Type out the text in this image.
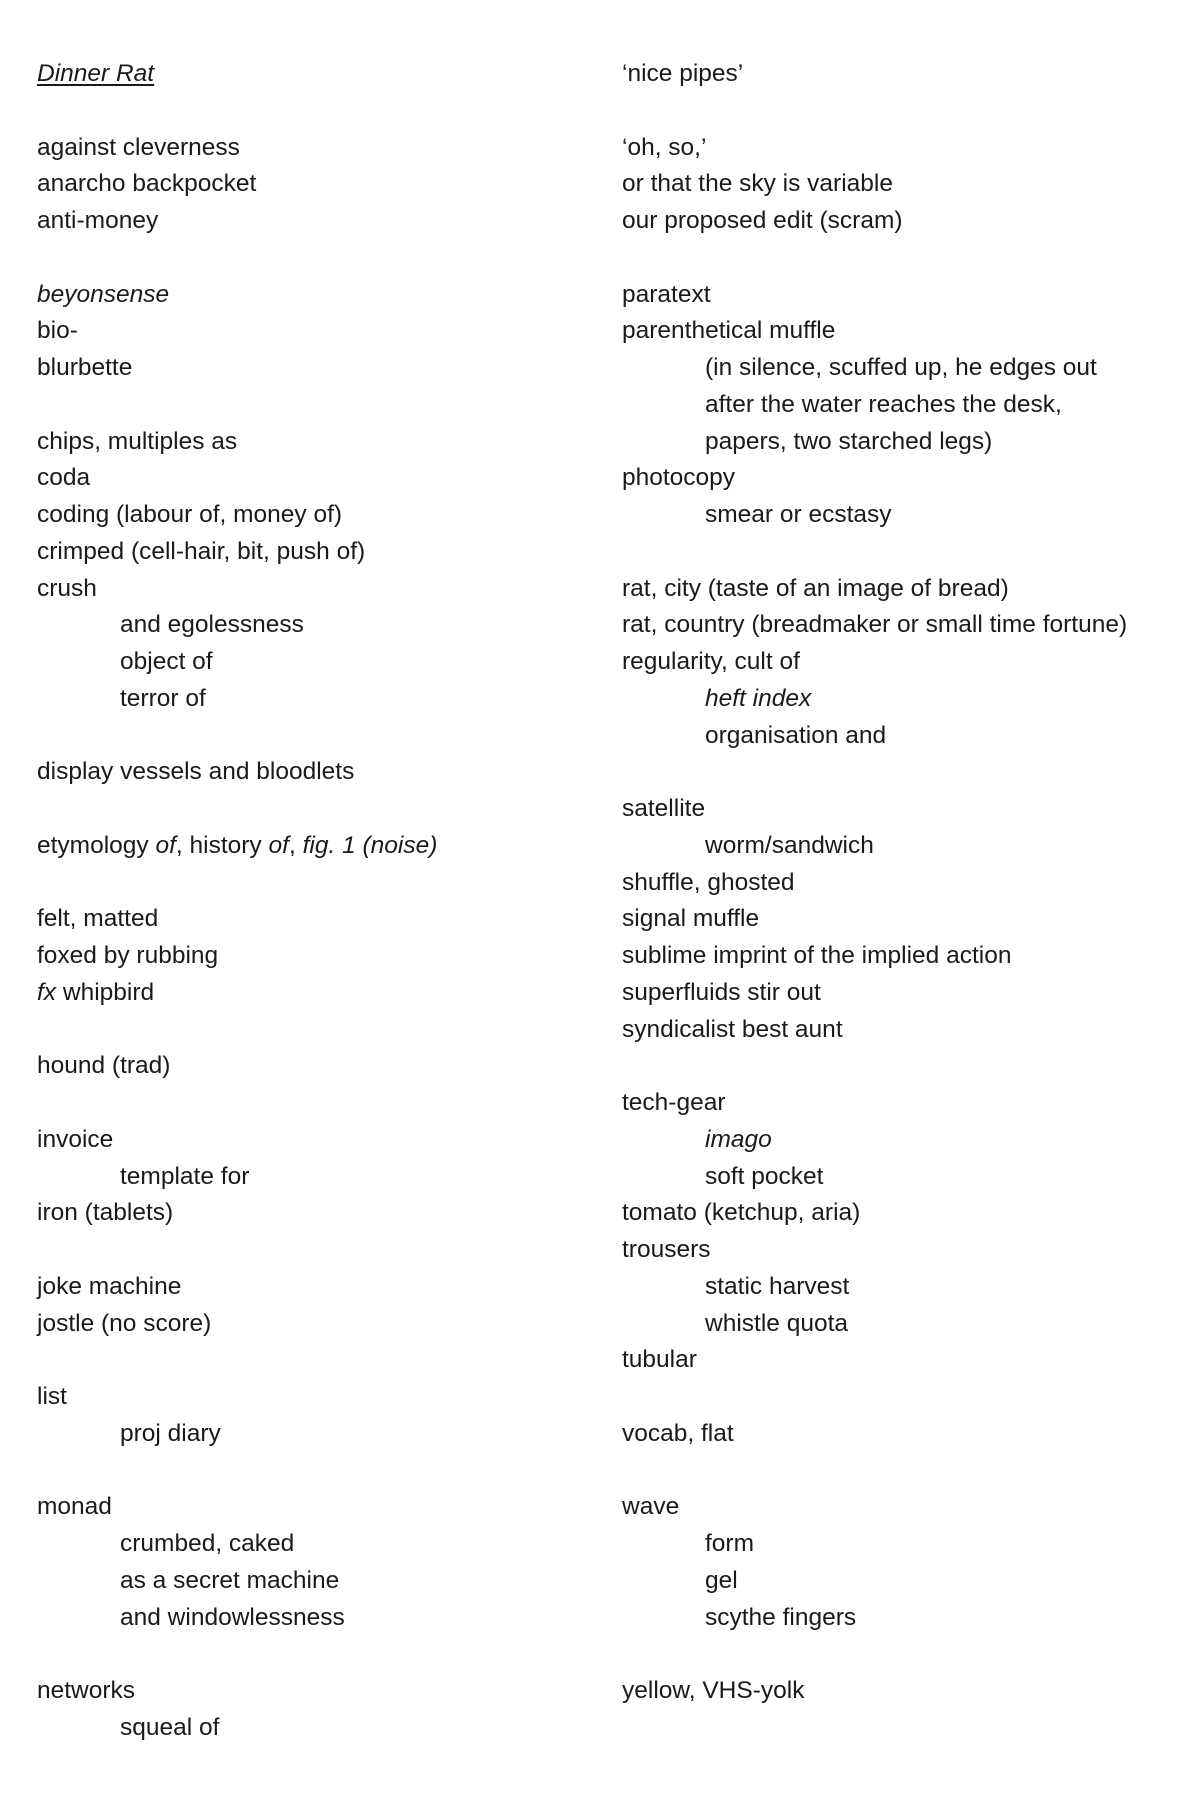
Dinner Rat
against cleverness
anarcho backpocket
anti-money
beyonsense
bio-
blurbette
chips, multiples as
coda
coding (labour of, money of)
crimped (cell-hair, bit, push of)
crush
and egolessness
object of
terror of
display vessels and bloodlets
etymology of, history of, fig. 1 (noise)
felt, matted
foxed by rubbing
fx whipbird
hound (trad)
invoice
template for
iron (tablets)
joke machine
jostle (no score)
list
proj diary
monad
crumbed, caked
as a secret machine
and windowlessness
networks
squeal of
‘nice pipes’
‘oh, so,’
or that the sky is variable
our proposed edit (scram)
paratext
parenthetical muffle
(in silence, scuffed up, he edges out
after the water reaches the desk,
papers, two starched legs)
photocopy
smear or ecstasy
rat, city (taste of an image of bread)
rat, country (breadmaker or small time fortune)
regularity, cult of
heft index
organisation and
satellite
worm/sandwich
shuffle, ghosted
signal muffle
sublime imprint of the implied action
superfluids stir out
syndicalist best aunt
tech-gear
imago
soft pocket
tomato (ketchup, aria)
trousers
static harvest
whistle quota
tubular
vocab, flat
wave
form
gel
scythe fingers
yellow, VHS-yolk
